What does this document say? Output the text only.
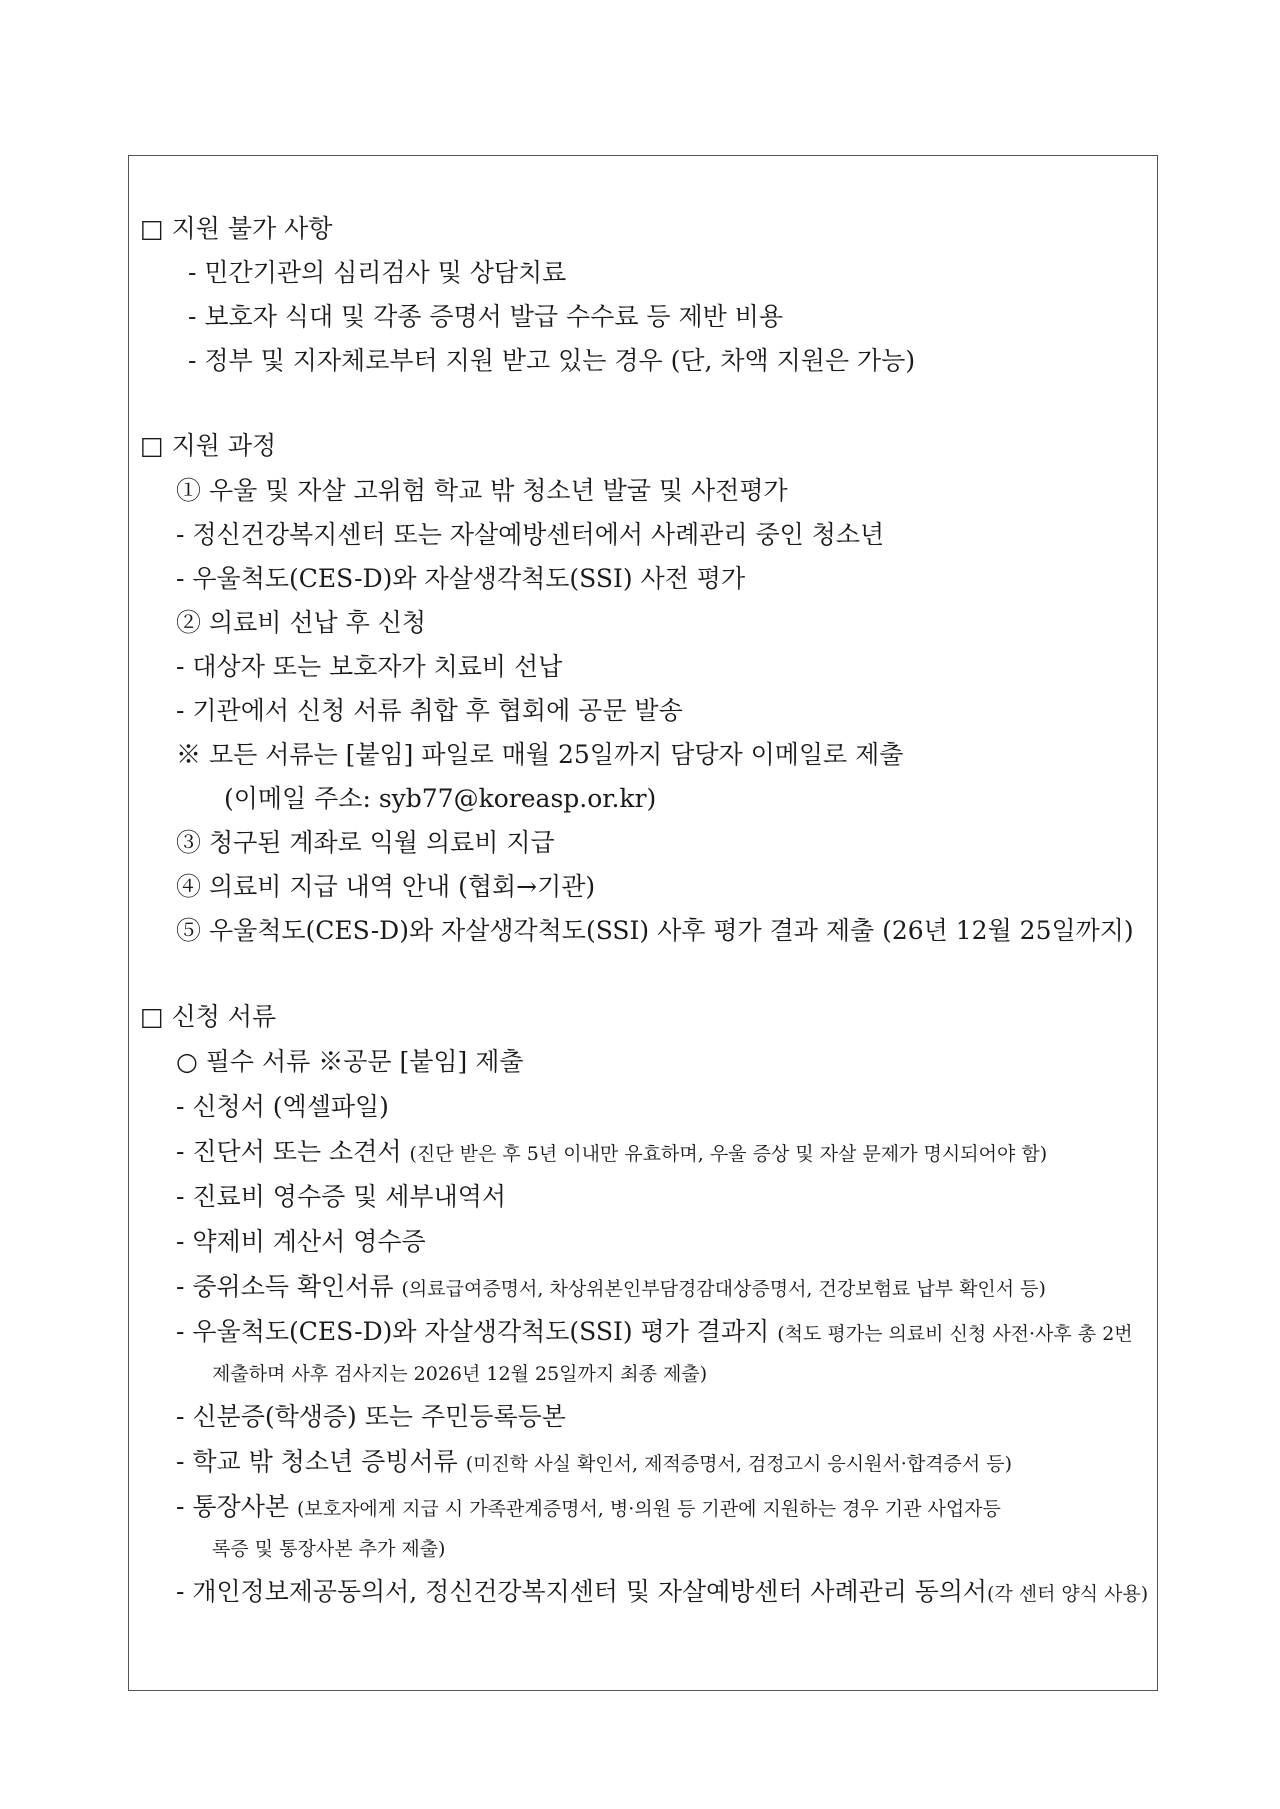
□ 지원 불가 사항
- 민간기관의 심리검사 및 상담치료
- 보호자 식대 및 각종 증명서 발급 수수료 등 제반 비용
- 정부 및 지자체로부터 지원 받고 있는 경우 (단, 차액 지원은 가능)
□ 지원 과정
① 우울 및 자살 고위험 학교 밖 청소년 발굴 및 사전평가
- 정신건강복지센터 또는 자살예방센터에서 사례관리 중인 청소년
- 우울척도(CES-D)와 자살생각척도(SSI) 사전 평가
② 의료비 선납 후 신청
- 대상자 또는 보호자가 치료비 선납
- 기관에서 신청 서류 취합 후 협회에 공문 발송
※ 모든 서류는 [붙임] 파일로 매월 25일까지 담당자 이메일로 제출
(이메일 주소: syb77@koreasp.or.kr)
③ 청구된 계좌로 익월 의료비 지급
④ 의료비 지급 내역 안내 (협회→기관)
⑤ 우울척도(CES-D)와 자살생각척도(SSI) 사후 평가 결과 제출 (26년 12월 25일까지)
□ 신청 서류
○ 필수 서류 ※공문 [붙임] 제출
- 신청서 (엑셀파일)
- 진단서 또는 소견서 (진단 받은 후 5년 이내만 유효하며, 우울 증상 및 자살 문제가 명시되어야 함)
- 진료비 영수증 및 세부내역서
- 약제비 계산서 영수증
- 중위소득 확인서류 (의료급여증명서, 차상위본인부담경감대상증명서, 건강보험료 납부 확인서 등)
- 우울척도(CES-D)와 자살생각척도(SSI) 평가 결과지 (척도 평가는 의료비 신청 사전·사후 총 2번
제출하며 사후 검사지는 2026년 12월 25일까지 최종 제출)
- 신분증(학생증) 또는 주민등록등본
- 학교 밖 청소년 증빙서류 (미진학 사실 확인서, 제적증명서, 검정고시 응시원서·합격증서 등)
- 통장사본 (보호자에게 지급 시 가족관계증명서, 병·의원 등 기관에 지원하는 경우 기관 사업자등
록증 및 통장사본 추가 제출)
- 개인정보제공동의서, 정신건강복지센터 및 자살예방센터 사례관리 동의서(각 센터 양식 사용)
